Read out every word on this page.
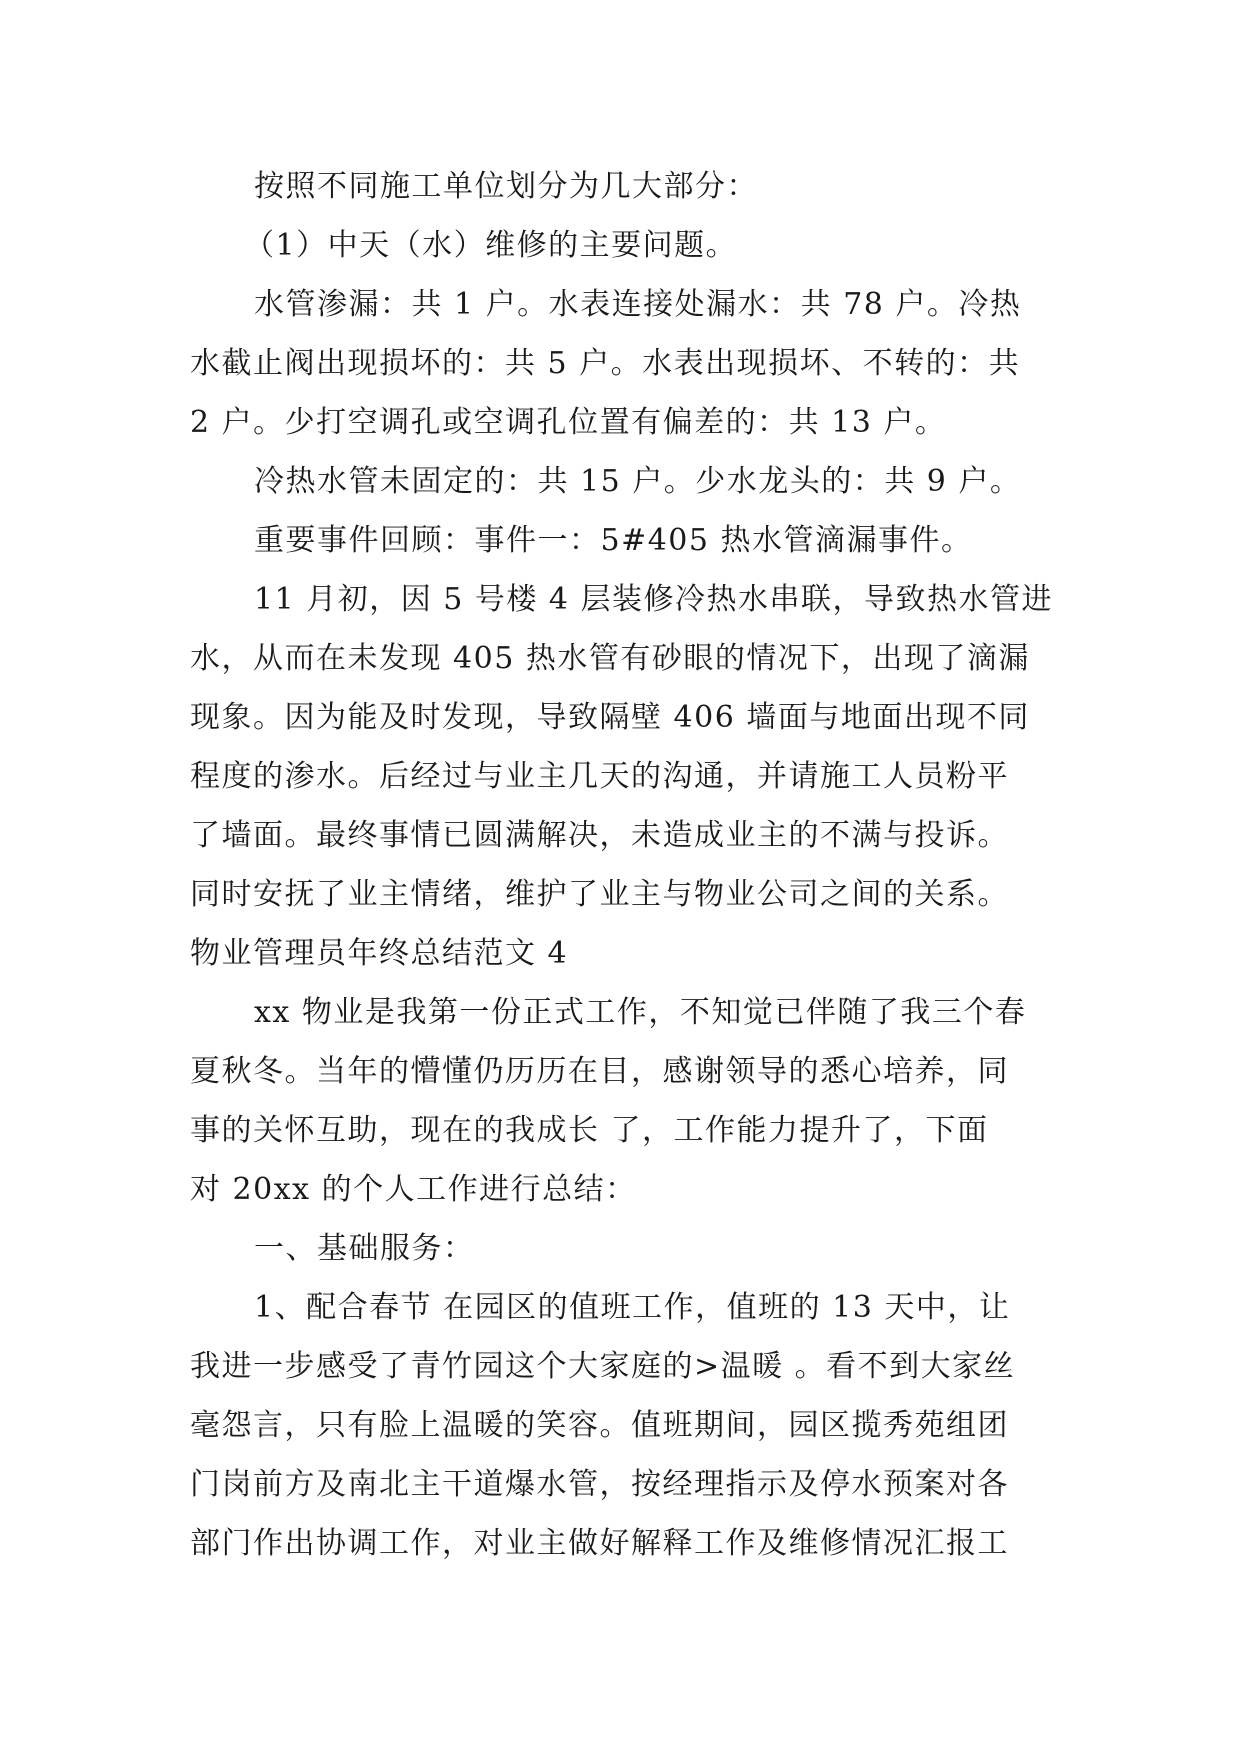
按照不同施工单位划分为几大部分：
（1）中天（水）维修的主要问题。
水管渗漏：共 1 户。水表连接处漏水：共 78 户。冷热
水截止阀出现损坏的：共 5 户。水表出现损坏、不转的：共
2 户。少打空调孔或空调孔位置有偏差的：共 13 户。
冷热水管未固定的：共 15 户。少水龙头的：共 9 户。
重要事件回顾：事件一：5#405 热水管滴漏事件。
11 月初，因 5 号楼 4 层装修冷热水串联，导致热水管进
水，从而在未发现 405 热水管有砂眼的情况下，出现了滴漏
现象。因为能及时发现，导致隔壁 406 墙面与地面出现不同
程度的渗水。后经过与业主几天的沟通，并请施工人员粉平
了墙面。最终事情已圆满解决，未造成业主的不满与投诉。
同时安抚了业主情绪，维护了业主与物业公司之间的关系。
物业管理员年终总结范文 4
xx 物业是我第一份正式工作，不知觉已伴随了我三个春
夏秋冬。当年的懵懂仍历历在目，感谢领导的悉心培养，同
事的关怀互助，现在的我成长 了，工作能力提升了，下面
对 20xx 的个人工作进行总结：
一、基础服务：
1、配合春节 在园区的值班工作，值班的 13 天中，让
我进一步感受了青竹园这个大家庭的>温暖 。看不到大家丝
毫怨言，只有脸上温暖的笑容。值班期间，园区揽秀苑组团
门岗前方及南北主干道爆水管，按经理指示及停水预案对各
部门作出协调工作，对业主做好解释工作及维修情况汇报工
